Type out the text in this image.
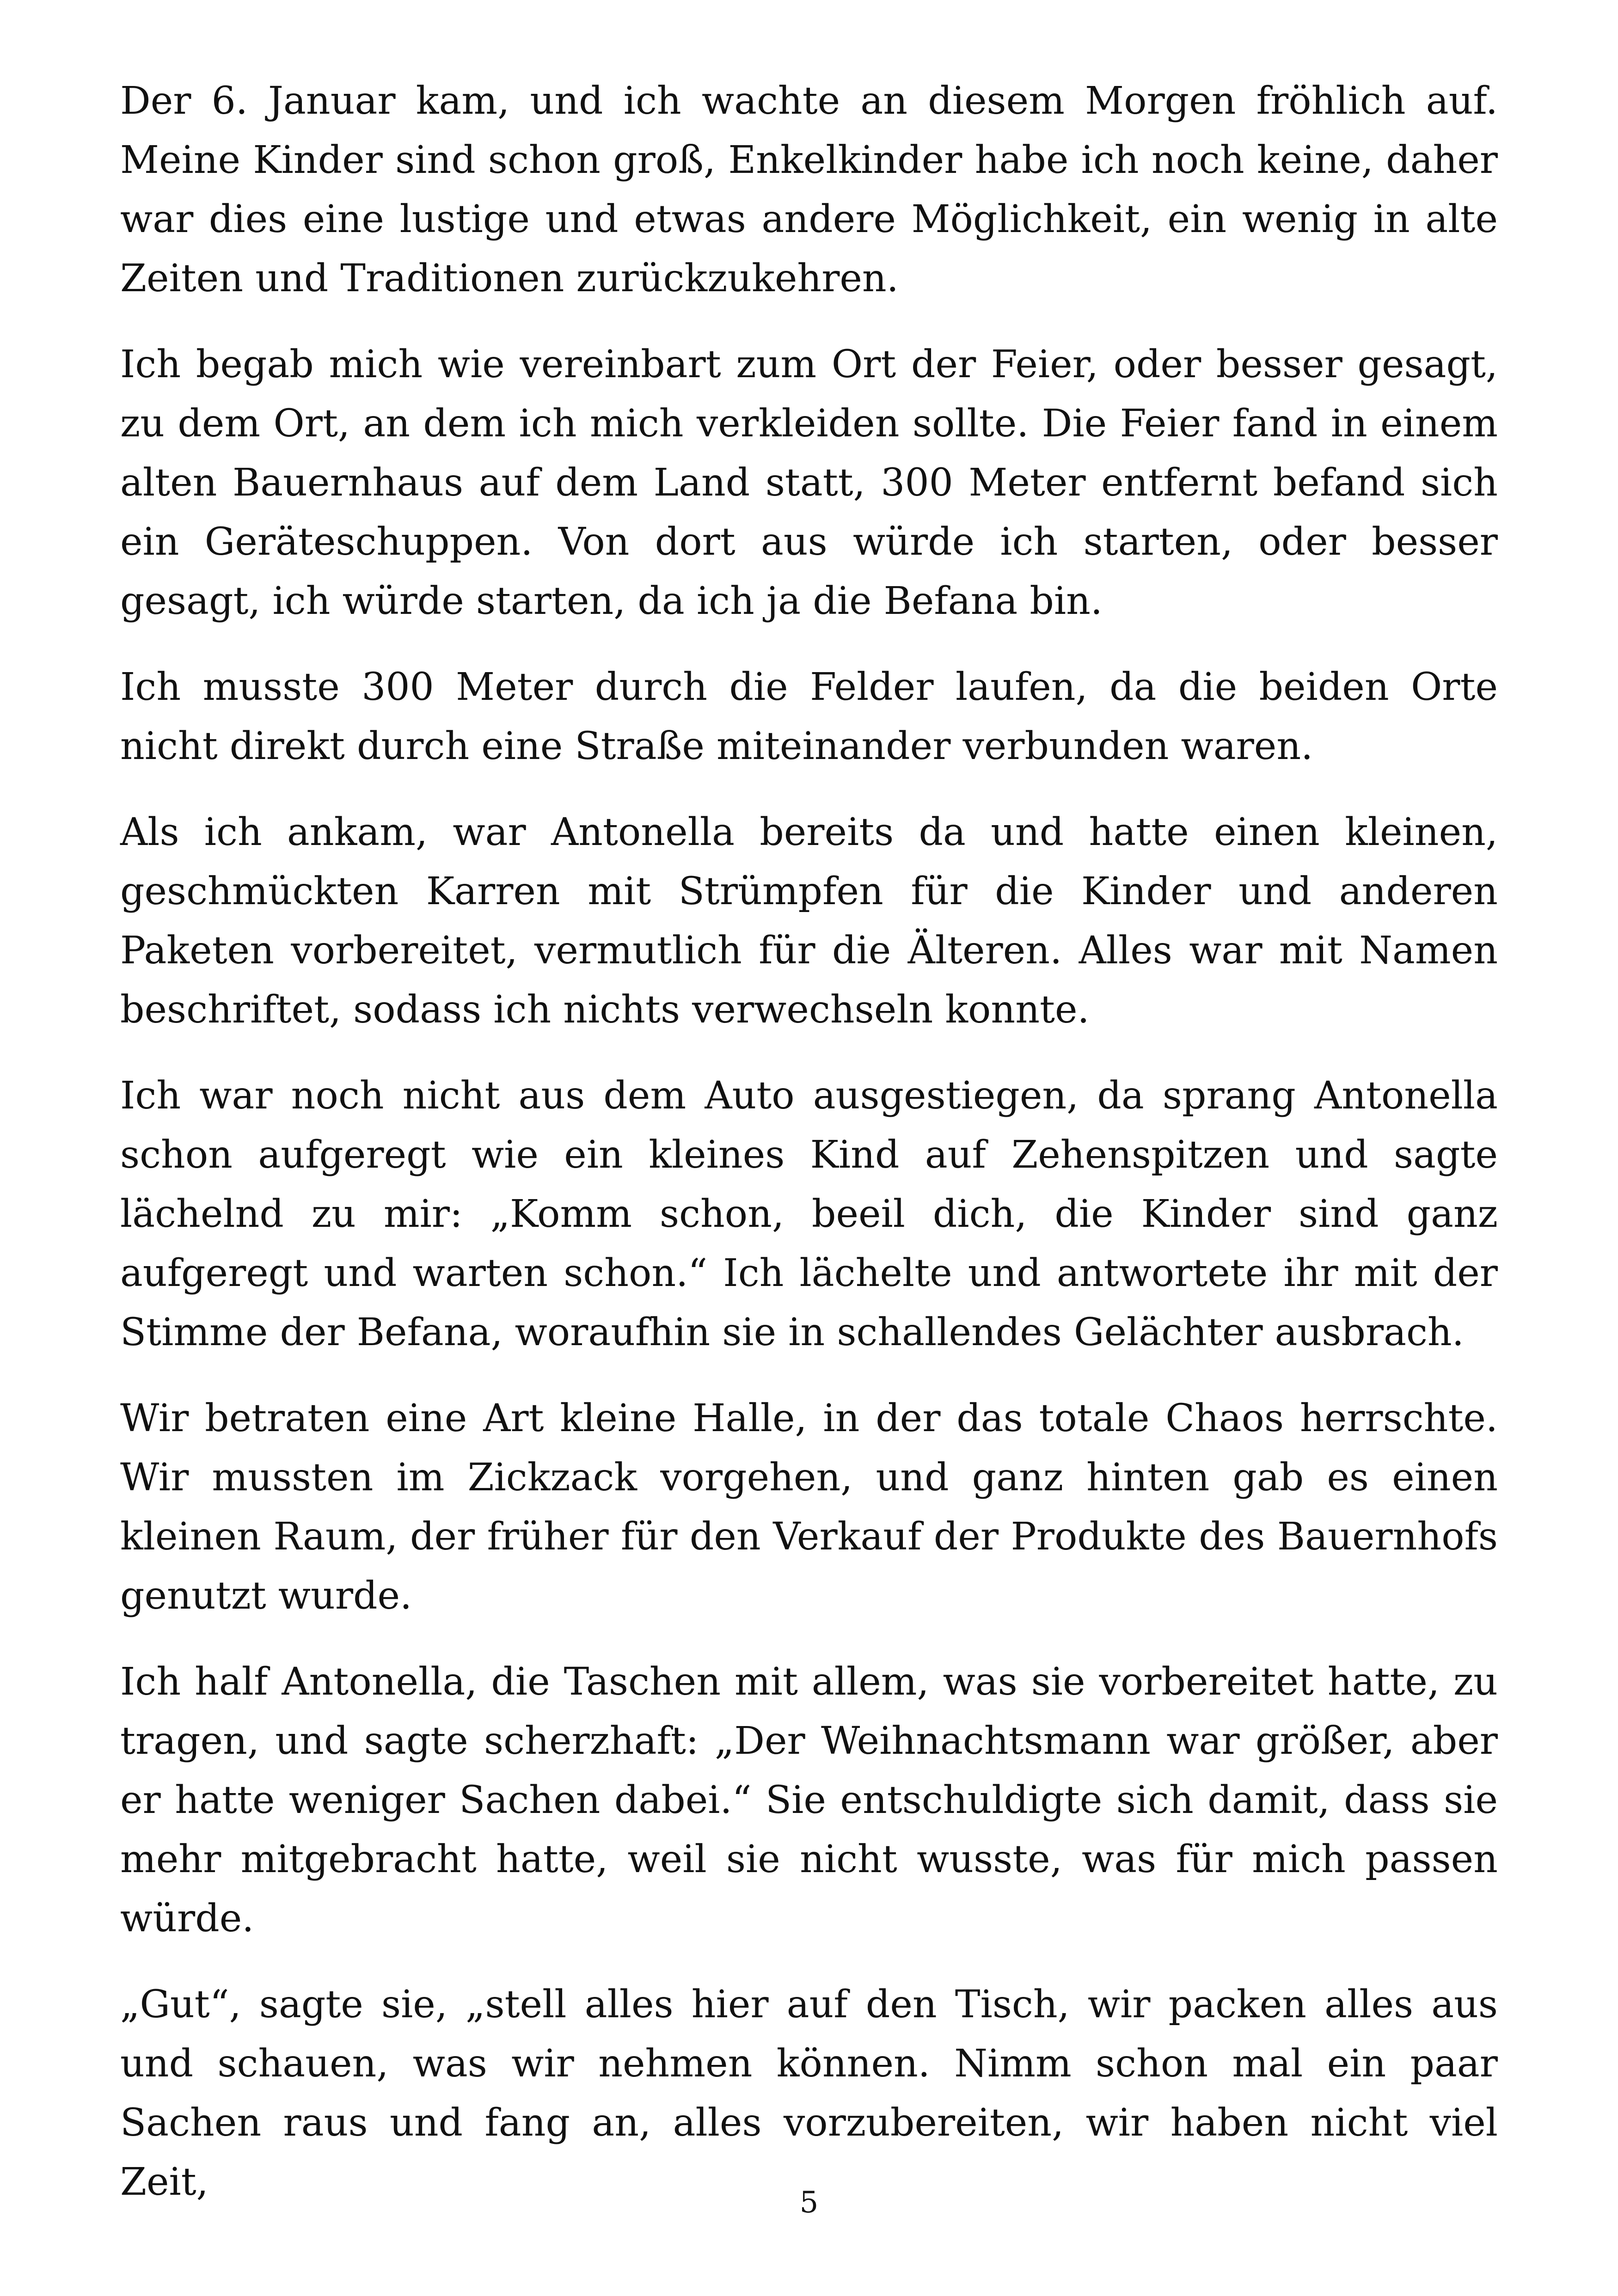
Der 6. Januar kam, und ich wachte an diesem Morgen fröhlich auf. Meine Kinder sind schon groß, Enkelkinder habe ich noch keine, daher war dies eine lustige und etwas andere Möglichkeit, ein wenig in alte Zeiten und Traditionen zurückzukehren.

Ich begab mich wie vereinbart zum Ort der Feier, oder besser gesagt, zu dem Ort, an dem ich mich verkleiden sollte. Die Feier fand in einem alten Bauernhaus auf dem Land statt, 300 Meter entfernt befand sich ein Geräteschuppen. Von dort aus würde ich starten, oder besser gesagt, ich würde starten, da ich ja die Befana bin.

Ich musste 300 Meter durch die Felder laufen, da die beiden Orte nicht direkt durch eine Straße miteinander verbunden waren.

Als ich ankam, war Antonella bereits da und hatte einen kleinen, geschmückten Karren mit Strümpfen für die Kinder und anderen Paketen vorbereitet, vermutlich für die Älteren. Alles war mit Namen beschriftet, sodass ich nichts verwechseln konnte.

Ich war noch nicht aus dem Auto ausgestiegen, da sprang Antonella schon aufgeregt wie ein kleines Kind auf Zehenspitzen und sagte lächelnd zu mir: „Komm schon, beeil dich, die Kinder sind ganz aufgeregt und warten schon.“ Ich lächelte und antwortete ihr mit der Stimme der Befana, woraufhin sie in schallendes Gelächter ausbrach.

Wir betraten eine Art kleine Halle, in der das totale Chaos herrschte. Wir mussten im Zickzack vorgehen, und ganz hinten gab es einen kleinen Raum, der früher für den Verkauf der Produkte des Bauernhofs genutzt wurde.

Ich half Antonella, die Taschen mit allem, was sie vorbereitet hatte, zu tragen, und sagte scherzhaft: „Der Weihnachtsmann war größer, aber er hatte weniger Sachen dabei.“ Sie entschuldigte sich damit, dass sie mehr mitgebracht hatte, weil sie nicht wusste, was für mich passen würde.

„Gut“, sagte sie, „stell alles hier auf den Tisch, wir packen alles aus und schauen, was wir nehmen können. Nimm schon mal ein paar Sachen raus und fang an, alles vorzubereiten, wir haben nicht viel Zeit,	5
